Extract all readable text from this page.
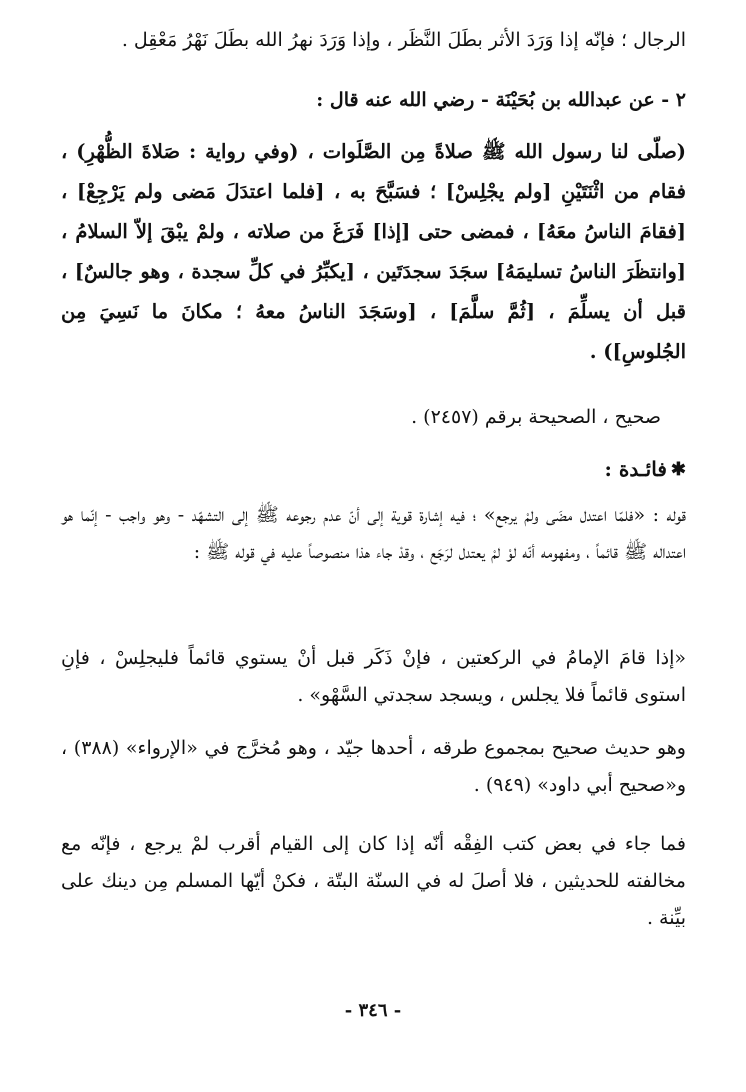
الرجال ؛ فإنّه إذا وَرَدَ الأثر بطَلَ النَّظَر ، وإذا وَرَدَ نهرُ الله بطَلَ نَهْرُ مَعْقِل .

٢ - عن عبدالله بن بُحَيْنَة - رضي الله عنه قال :

(صلّى لنا رسول الله ﷺ صلاةً مِن الصَّلَوات ، (وفي رواية : صَلاةَ الظُّهْرِ) ، فقام من اثْنَتَيْنِ [ولم يجْلِسْ] ؛ فسَبَّحَ به ، [فلما اعتدَلَ مَضى ولم يَرْجِعْ] ، [فقامَ الناسُ معَهُ] ، فمضى حتى [إذا] فَرَغَ من صلاته ، ولمْ يبْقَ إلاّ السلامُ ، [وانتظَرَ الناسُ تسليمَهُ] سجَدَ سجدَتَين ، [يكبِّرُ في كلِّ سجدة ، وهو جالسٌ] ، قبل أن يسلِّمَ ، [ثُمَّ سلَّمَ] ، [وسَجَدَ الناسُ معهُ ؛ مكانَ ما نَسِيَ مِن الجُلوسِ]) .

صحيح ، الصحيحة برقم (٢٤٥٧) .

✱
فائـدة :

قوله : «فلمّا اعتدل مضَى ولمْ يرجع» ؛ فيه إشارة قوية إلى أنّ عدم رجوعه ﷺ إلى التشهّد - وهو واجب - إنّما هو اعتداله ﷺ قائماً ، ومفهومه أنّه لوْ لمْ يعتدل لرَجَع ، وقدْ جاء هذا منصوصاً عليه في قوله ﷺ :

«إذا قامَ الإمامُ في الركعتين ، فإنْ ذَكَر قبل أنْ يستوي قائماً فليجلِسْ ، فإنِ استوى قائماً فلا يجلس ، ويسجد سجدتي السَّهْو» .

وهو حديث صحيح بمجموع طرقه ، أحدها جيّد ، وهو مُخرَّج في «الإرواء» (٣٨٨) ، و«صحيح أبي داود» (٩٤٩) .

فما جاء في بعض كتب الفِقْه أنّه إذا كان إلى القيام أقرب لمْ يرجع ، فإنّه مع مخالفته للحديثين ، فلا أصلَ له في السنّة البتّة ، فكنْ أيّها المسلم مِن دينك على بيِّنة .

- ٣٤٦ -
